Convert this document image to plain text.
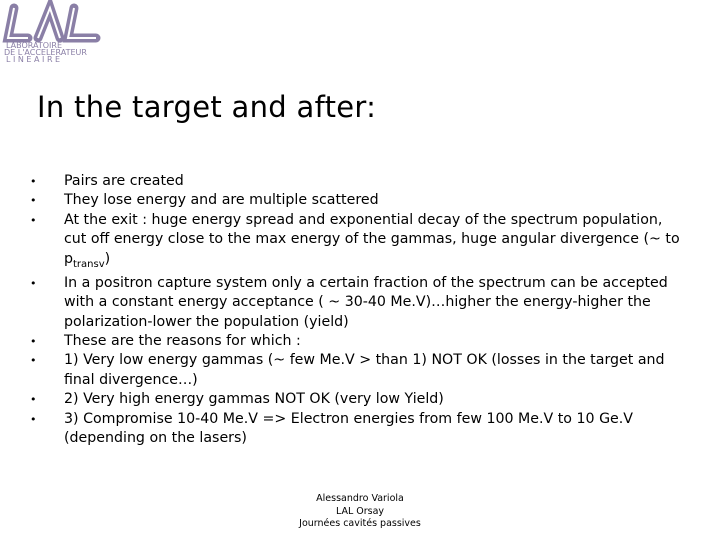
LABORATOIRE
DE L'ACCELERATEUR
L I N E A I R E
In the target and after:
• Pairs are created
• They lose energy and are multiple scattered
• At the exit : huge energy spread and exponential decay of the spectrum population, cut off energy close to the max energy of the gammas, huge angular divergence (~ to $p_{transv}$)
• In a positron capture system only a certain fraction of the spectrum can be accepted with a constant energy acceptance ( ~ 30-40 Me.V)…higher the energy-higher the polarization-lower the population (yield)
• These are the reasons for which :
• 1) Very low energy gammas (~ few Me.V > than 1) NOT OK (losses in the target and final divergence…)
• 2) Very high energy gammas NOT OK (very low Yield)
• 3) Compromise 10-40 Me.V => Electron energies from few 100 Me.V to 10 Ge.V (depending on the lasers)
Alessandro Variola
LAL Orsay
Journées cavités passives
